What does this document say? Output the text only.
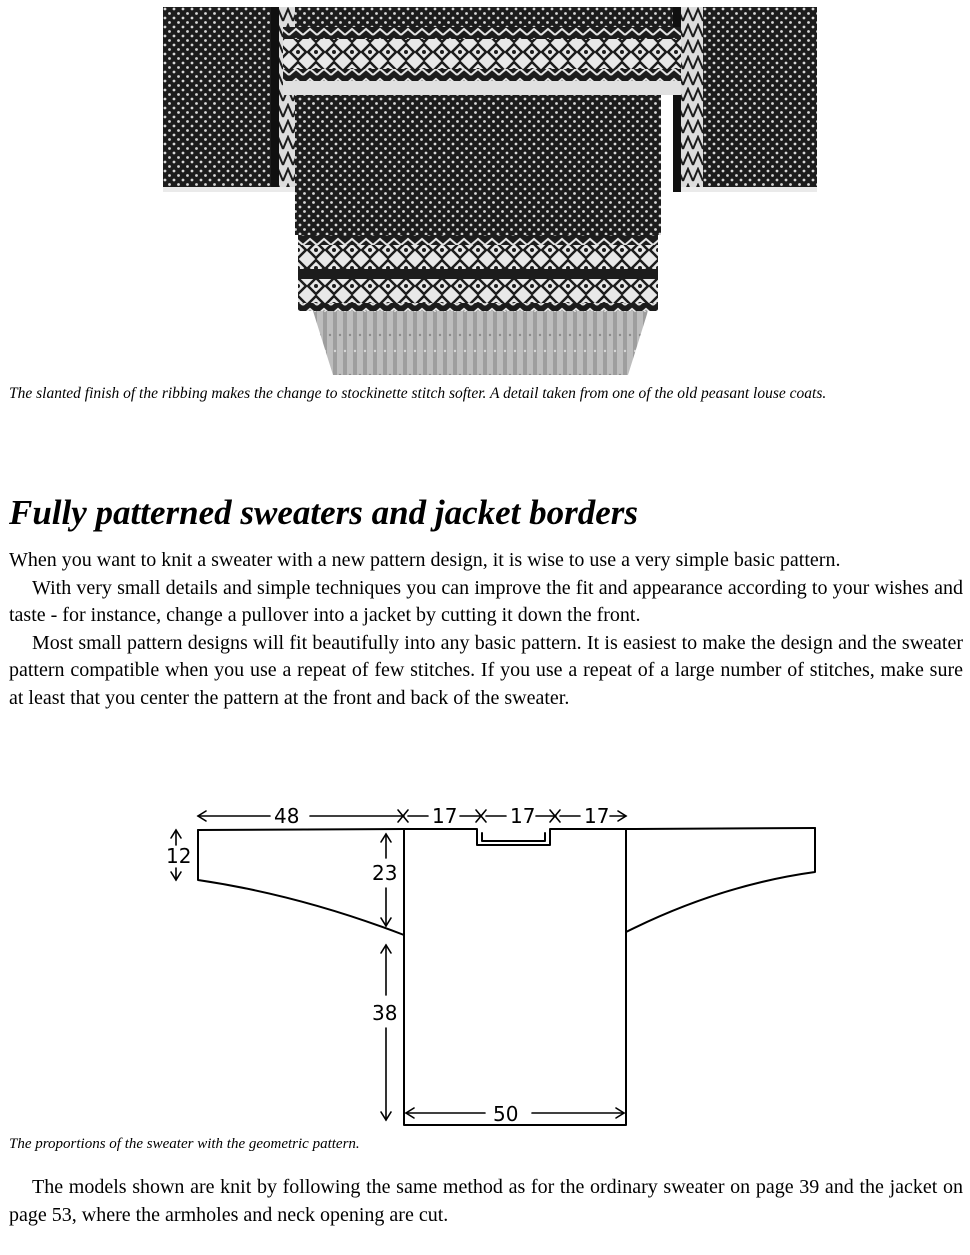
The slanted finish of the ribbing makes the change to stockinette stitch softer. A detail taken from one of the old peasant louse coats.
Fully patterned sweaters and jacket borders

When you want to knit a sweater with a new pattern design, it is wise to use a very simple basic pattern.

With very small details and simple techniques you can improve the fit and appearance according to your wishes and taste - for instance, change a pullover into a jacket by cutting it down the front.

Most small pattern designs will fit beautifully into any basic pattern. It is easiest to make the design and the sweater pattern compatible when you use a repeat of few stitches. If you use a repeat of a large number of stitches, make sure at least that you center the pattern at the front and back of the sweater.

48	17	17 17
12
23
38
50
The proportions of the sweater with the geometric pattern.

The models shown are knit by following the same method as for the ordinary sweater on page 39 and the jacket on page 53, where the armholes and neck opening are cut.
